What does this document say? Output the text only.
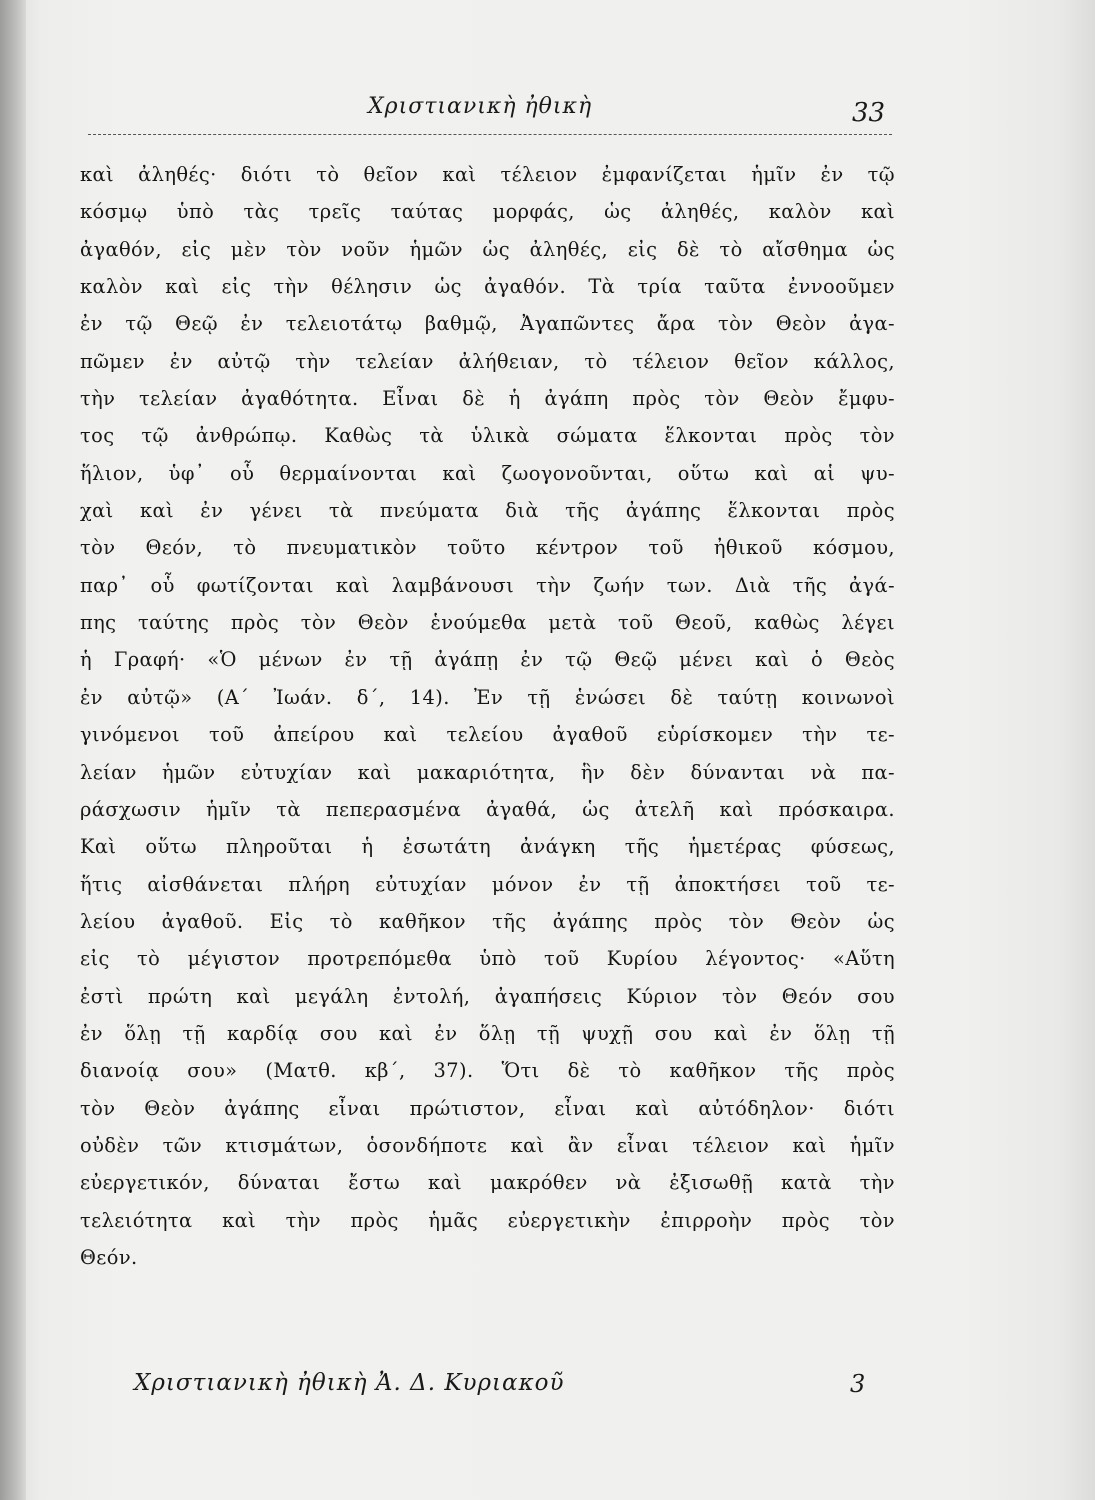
Χριστιανικὴ ἠθικὴ	33
καὶ ἀληθές· διότι τὸ θεῖον καὶ τέλειον ἐμφανίζεται ἡμῖν ἐν τῷ
κόσμῳ ὑπὸ τὰς τρεῖς ταύτας μορφάς, ὡς ἀληθές, καλὸν καὶ
ἀγαθόν, εἰς μὲν τὸν νοῦν ἡμῶν ὡς ἀληθές, εἰς δὲ τὸ αἴσθημα ὡς
καλὸν καὶ εἰς τὴν θέλησιν ὡς ἀγαθόν. Τὰ τρία ταῦτα ἐννοοῦμεν
ἐν τῷ Θεῷ ἐν τελειοτάτῳ βαθμῷ, Ἀγαπῶντες ἄρα τὸν Θεὸν ἀγα-
πῶμεν ἐν αὐτῷ τὴν τελείαν ἀλήθειαν, τὸ τέλειον θεῖον κάλλος,
τὴν τελείαν ἀγαθότητα. Εἶναι δὲ ἡ ἀγάπη πρὸς τὸν Θεὸν ἔμφυ-
τος τῷ ἀνθρώπῳ. Καθὼς τὰ ὑλικὰ σώματα ἕλκονται πρὸς τὸν
ἥλιον, ὑφ᾽ οὗ θερμαίνονται καὶ ζωογονοῦνται, οὕτω καὶ αἱ ψυ-
χαὶ καὶ ἐν γένει τὰ πνεύματα διὰ τῆς ἀγάπης ἕλκονται πρὸς
τὸν Θεόν, τὸ πνευματικὸν τοῦτο κέντρον τοῦ ἠθικοῦ κόσμου,
παρ᾽ οὗ φωτίζονται καὶ λαμβάνουσι τὴν ζωήν των. Διὰ τῆς ἀγά-
πης ταύτης πρὸς τὸν Θεὸν ἑνούμεθα μετὰ τοῦ Θεοῦ, καθὼς λέγει
ἡ Γραφή· «Ὁ μένων ἐν τῇ ἀγάπῃ ἐν τῷ Θεῷ μένει καὶ ὁ Θεὸς
ἐν αὐτῷ» (Α΄ Ἰωάν. δ΄, 14). Ἐν τῇ ἑνώσει δὲ ταύτῃ κοινωνοὶ
γινόμενοι τοῦ ἀπείρου καὶ τελείου ἀγαθοῦ εὑρίσκομεν τὴν τε-
λείαν ἡμῶν εὐτυχίαν καὶ μακαριότητα, ἣν δὲν δύνανται νὰ πα-
ράσχωσιν ἡμῖν τὰ πεπερασμένα ἀγαθά, ὡς ἀτελῆ καὶ πρόσκαιρα.
Καὶ οὕτω πληροῦται ἡ ἐσωτάτη ἀνάγκη τῆς ἡμετέρας φύσεως,
ἥτις αἰσθάνεται πλήρη εὐτυχίαν μόνον ἐν τῇ ἀποκτήσει τοῦ τε-
λείου ἀγαθοῦ. Εἰς τὸ καθῆκον τῆς ἀγάπης πρὸς τὸν Θεὸν ὡς
εἰς τὸ μέγιστον προτρεπόμεθα ὑπὸ τοῦ Κυρίου λέγοντος· «Αὕτη
ἐστὶ πρώτη καὶ μεγάλη ἐντολή, ἀγαπήσεις Κύριον τὸν Θεόν σου
ἐν ὅλῃ τῇ καρδίᾳ σου καὶ ἐν ὅλῃ τῇ ψυχῇ σου καὶ ἐν ὅλῃ τῇ
διανοίᾳ σου» (Ματθ. κβ΄, 37). Ὅτι δὲ τὸ καθῆκον τῆς πρὸς
τὸν Θεὸν ἀγάπης εἶναι πρώτιστον, εἶναι καὶ αὐτόδηλον· διότι
οὐδὲν τῶν κτισμάτων, ὁσονδήποτε καὶ ἂν εἶναι τέλειον καὶ ἡμῖν
εὐεργετικόν, δύναται ἔστω καὶ μακρόθεν νὰ ἐξισωθῇ κατὰ τὴν
τελειότητα καὶ τὴν πρὸς ἡμᾶς εὐεργετικὴν ἐπιρροὴν πρὸς τὸν
Θεόν.
Χριστιανικὴ ἠθικὴ Ἀ. Δ. Κυριακοῦ	3
